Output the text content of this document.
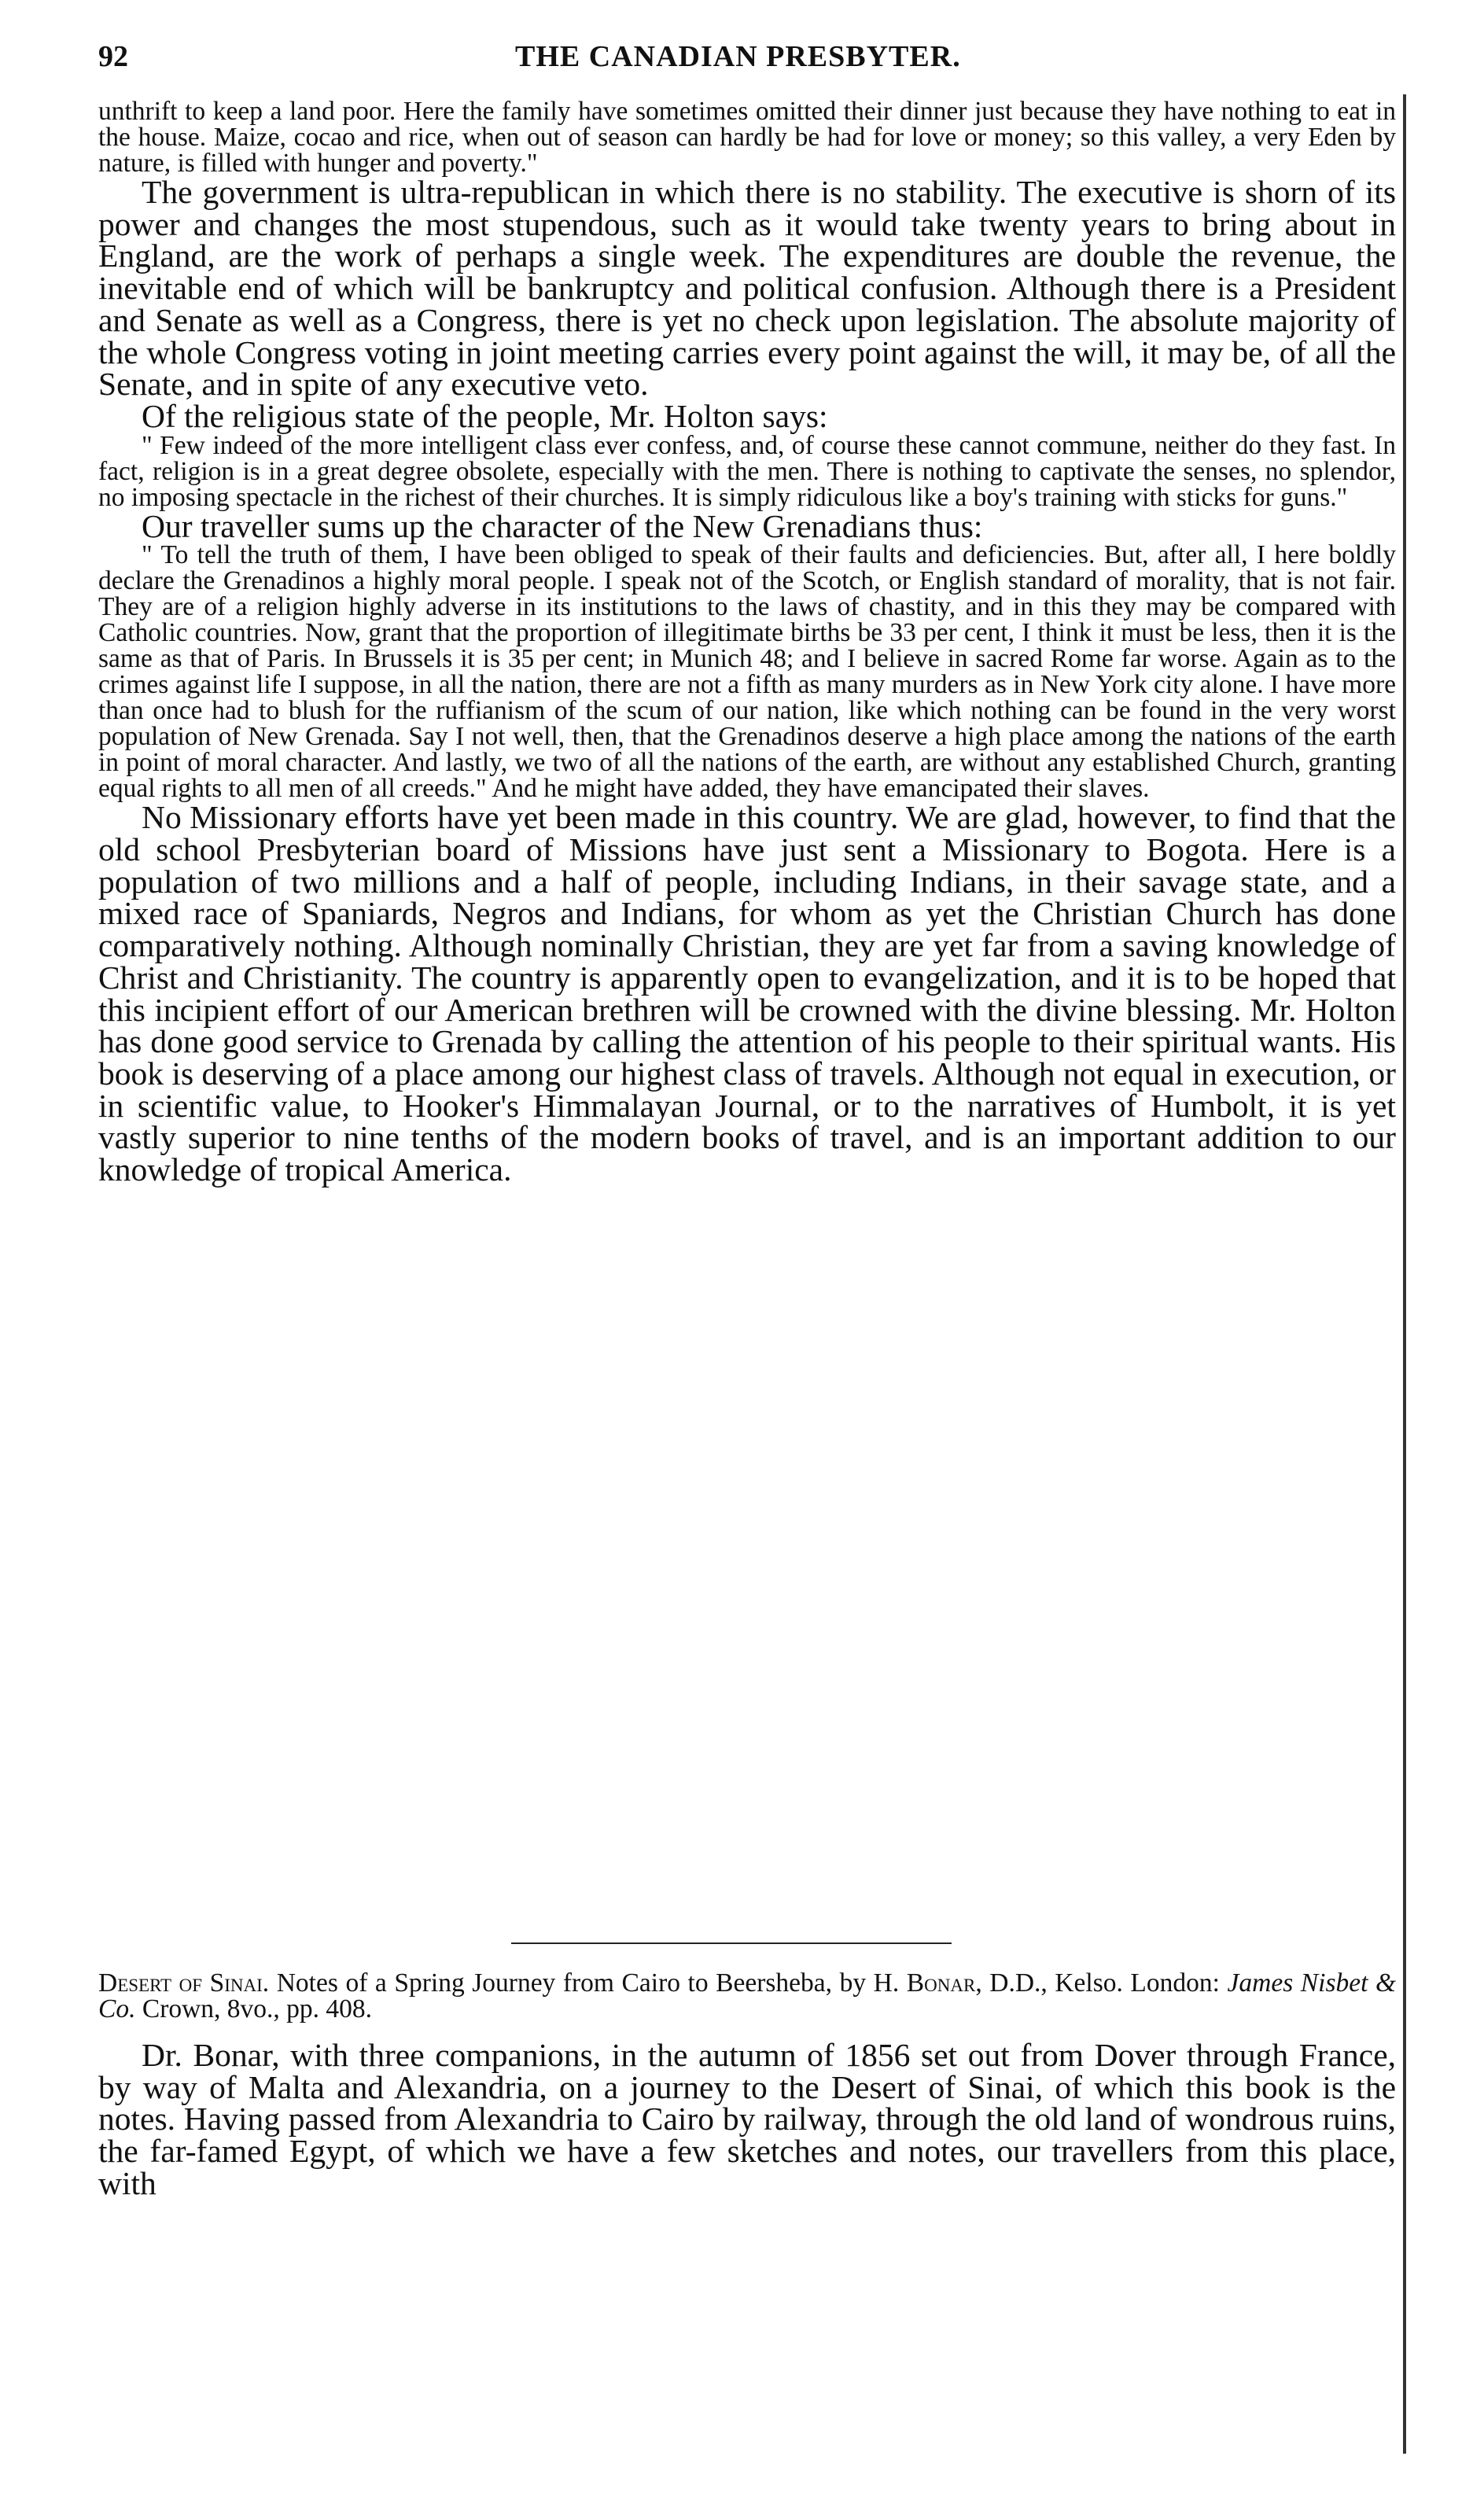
92	THE CANADIAN PRESBYTER.

unthrift to keep a land poor. Here the family have sometimes omitted their dinner just because they have nothing to eat in the house. Maize, cocao and rice, when out of season can hardly be had for love or money; so this valley, a very Eden by nature, is filled with hunger and poverty."

The government is ultra-republican in which there is no stability. The executive is shorn of its power and changes the most stupendous, such as it would take twenty years to bring about in England, are the work of perhaps a single week. The expenditures are double the revenue, the inevitable end of which will be bankruptcy and political confusion. Although there is a President and Senate as well as a Congress, there is yet no check upon legislation. The absolute majority of the whole Congress voting in joint meeting carries every point against the will, it may be, of all the Senate, and in spite of any executive veto.

Of the religious state of the people, Mr. Holton says:

" Few indeed of the more intelligent class ever confess, and, of course these cannot commune, neither do they fast. In fact, religion is in a great degree obsolete, especially with the men. There is nothing to captivate the senses, no splendor, no imposing spectacle in the richest of their churches. It is simply ridiculous like a boy's training with sticks for guns."

Our traveller sums up the character of the New Grenadians thus:

" To tell the truth of them, I have been obliged to speak of their faults and deficiencies. But, after all, I here boldly declare the Grenadinos a highly moral people. I speak not of the Scotch, or English standard of morality, that is not fair. They are of a religion highly adverse in its institutions to the laws of chastity, and in this they may be compared with Catholic countries. Now, grant that the proportion of illegitimate births be 33 per cent, I think it must be less, then it is the same as that of Paris. In Brussels it is 35 per cent; in Munich 48; and I believe in sacred Rome far worse. Again as to the crimes against life I suppose, in all the nation, there are not a fifth as many murders as in New York city alone. I have more than once had to blush for the ruffianism of the scum of our nation, like which nothing can be found in the very worst population of New Grenada. Say I not well, then, that the Grenadinos deserve a high place among the nations of the earth in point of moral character. And lastly, we two of all the nations of the earth, are without any established Church, granting equal rights to all men of all creeds." And he might have added, they have emancipated their slaves.

No Missionary efforts have yet been made in this country. We are glad, however, to find that the old school Presbyterian board of Missions have just sent a Missionary to Bogota. Here is a population of two millions and a half of people, including Indians, in their savage state, and a mixed race of Spaniards, Negros and Indians, for whom as yet the Christian Church has done comparatively nothing. Although nominally Christian, they are yet far from a saving knowledge of Christ and Christianity. The country is apparently open to evangelization, and it is to be hoped that this incipient effort of our American brethren will be crowned with the divine blessing. Mr. Holton has done good service to Grenada by calling the attention of his people to their spiritual wants. His book is deserving of a place among our highest class of travels. Although not equal in execution, or in scientific value, to Hooker's Himmalayan Journal, or to the narratives of Humbolt, it is yet vastly superior to nine tenths of the modern books of travel, and is an important addition to our knowledge of tropical America.

Desert of Sinai. Notes of a Spring Journey from Cairo to Beersheba, by H. Bonar, D.D., Kelso. London: James Nisbet & Co. Crown, 8vo., pp. 408.

Dr. Bonar, with three companions, in the autumn of 1856 set out from Dover through France, by way of Malta and Alexandria, on a journey to the Desert of Sinai, of which this book is the notes. Having passed from Alexandria to Cairo by railway, through the old land of wondrous ruins, the far-famed Egypt, of which we have a few sketches and notes, our travellers from this place, with
